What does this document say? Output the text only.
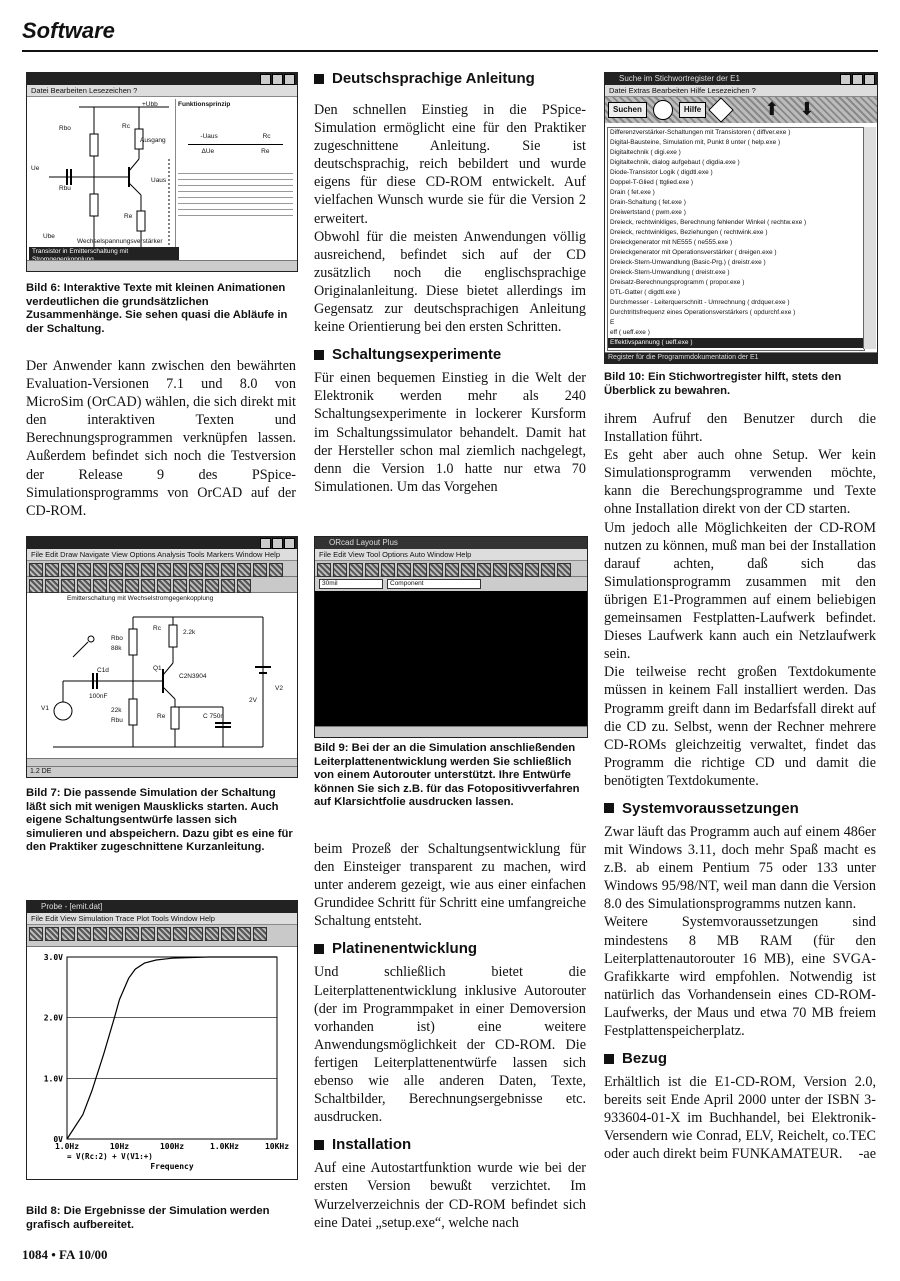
Software
Datei Bearbeiten Lesezeichen ?
+Ubb
Rbo	Rc
Ausgang
Ue
Rbu
Re
Uaus
Ube
Funktionsprinzip
-Uaus	Rc
ΔUe	Re
Wechselspannungsverstärker
Transistor in Emitterschaltung mit

Bild 6: Interaktive Texte mit kleinen Animationen verdeutlichen die grundsätzlichen Zusammenhänge. Sie sehen quasi die Abläufe in der Schaltung.

Der Anwender kann zwischen den bewährten Evaluation-Versionen 7.1 und 8.0 von MicroSim (OrCAD) wählen, die sich direkt mit den interaktiven Texten und Berechnungsprogrammen verknüpfen lassen. Außerdem befindet sich noch die Testversion der Release 9 des PSpice-Simulationsprogramms von OrCAD auf der CD-ROM.

File Edit Draw Navigate View Options Analysis Tools Markers Window Help
Emitterschaltung mit Wechselstromgegenkopplung
Rbo
88k
Rc
2.2k
C1d	Q1
C2N3904
100nF
V1
2V
22k
Rbu
Re	C 750n
V2
1.2 DE

Bild 7: Die passende Simulation der Schaltung läßt sich mit wenigen Mausklicks starten. Auch eigene Schaltungsentwürfe lassen sich simulieren und abspeichern. Dazu gibt es eine für den Praktiker zugeschnittene Kurzanleitung.

Probe - [emit.dat]
File Edit View Simulation Trace Plot Tools Window Help
0V
1.0V
2.0V
3.0V
1.0Hz	10Hz	100Hz	1.0KHz	10KHz
= V(Rc:2) + V(V1:+)
Frequency

Bild 8: Die Ergebnisse der Simulation werden grafisch aufbereitet.

Deutschsprachige Anleitung

Den schnellen Einstieg in die PSpice-Simulation ermöglicht eine für den Praktiker zugeschnittene Anleitung. Sie ist deutschsprachig, reich bebildert und wurde eigens für diese CD-ROM entwickelt. Auf vielfachen Wunsch wurde sie für die Version 2 erweitert.

Obwohl für die meisten Anwendungen völlig ausreichend, befindet sich auf der CD zusätzlich noch die englischsprachige Originalanleitung. Diese bietet allerdings im Gegensatz zur deutschsprachigen Anleitung keine Orientierung bei den ersten Schritten.

Schaltungsexperimente

Für einen bequemen Einstieg in die Welt der Elektronik werden mehr als 240 Schaltungsexperimente in lockerer Kursform im Schaltungssimulator behandelt. Damit hat der Hersteller schon mal ziemlich nachgelegt, denn die Version 1.0 hatte nur etwa 70 Simulationen. Um das Vorgehen

ORcad Layout Plus
File Edit View Tool Options Auto Window Help
30mil	Component

Bild 9: Bei der an die Simulation anschließenden Leiterplattenentwicklung werden Sie schließlich von einem Autorouter unterstützt. Ihre Entwürfe können Sie sich z.B. für das Fotopositivverfahren auf Klarsichtfolie ausdrucken lassen.

beim Prozeß der Schaltungsentwicklung für den Einsteiger transparent zu machen, wird unter anderem gezeigt, wie aus einer einfachen Grundidee Schritt für Schritt eine umfangreiche Schaltung entsteht.

Platinenentwicklung

Und schließlich bietet die Leiterplattenentwicklung inklusive Autorouter (der im Programmpaket in einer Demoversion vorhanden ist) eine weitere Anwendungsmöglichkeit der CD-ROM. Die fertigen Leiterplattenentwürfe lassen sich ebenso wie alle anderen Daten, Texte, Schaltbilder, Berechnungsergebnisse etc. ausdrucken.

Installation

Auf eine Autostartfunktion wurde wie bei der ersten Version bewußt verzichtet. Im Wurzelverzeichnis der CD-ROM befindet sich eine Datei „setup.exe“, welche nach

Suche im Stichwortregister der E1
Datei Extras Bearbeiten Hilfe Lesezeichen ?
Suchen	Hilfe	⬆ ⬇
Differenzverstärker-Schaltungen mit Transistoren ( diffver.exe )
Digital-Bausteine, Simulation mit, Punkt 8 unter ( help.exe )
Digitaltechnik ( digi.exe )
Digitaltechnik, dialog aufgebaut ( digdia.exe )
Diode-Transistor Logik ( digdtl.exe )
Doppel-T-Glied ( ttglied.exe )
Drain ( fet.exe )
Drain-Schaltung ( fet.exe )
Dreiwertstand ( pwm.exe )
Dreieck, rechtwinkliges, Berechnung fehlender Winkel ( rechtw.exe )
Dreieck, rechtwinkliges, Beziehungen ( rechtwink.exe )
Dreieckgenerator mit NE555 ( ne555.exe )
Dreieckgenerator mit Operationsverstärker ( dreigen.exe )
Dreieck-Stern-Umwandlung (Basic-Prg.) ( dreistr.exe )
Dreieck-Stern-Umwandlung ( dreistr.exe )
Dreisatz-Berechnungsprogramm ( propor.exe )
DTL-Gatter ( digdtl.exe )
Durchmesser - Leiterquerschnitt - Umrechnung ( drdquer.exe )
Durchtrittsfrequenz eines Operationsverstärkers ( opdurchf.exe )
E
eff ( ueff.exe )
Effektivspannung ( ueff.exe )
Register für die Programmdokumentation der E1

Bild 10: Ein Stichwortregister hilft, stets den Überblick zu bewahren.

ihrem Aufruf den Benutzer durch die Installation führt.

Es geht aber auch ohne Setup. Wer kein Simulationsprogramm verwenden möchte, kann die Berechungsprogramme und Texte ohne Installation direkt von der CD starten.

Um jedoch alle Möglichkeiten der CD-ROM nutzen zu können, muß man bei der Installation darauf achten, daß sich das Simulationsprogramm zusammen mit den übrigen E1-Programmen auf einem beliebigen gemeinsamen Festplatten-Laufwerk befindet. Dieses Laufwerk kann auch ein Netzlaufwerk sein.

Die teilweise recht großen Textdokumente müssen in keinem Fall installiert werden. Das Programm greift dann im Bedarfsfall direkt auf die CD zu. Selbst, wenn der Rechner mehrere CD-ROMs gleichzeitig verwaltet, findet das Programm die richtige CD und damit die benötigten Textdokumente.

Systemvoraussetzungen

Zwar läuft das Programm auch auf einem 486er mit Windows 3.11, doch mehr Spaß macht es z.B. ab einem Pentium 75 oder 133 unter Windows 95/98/NT, weil man dann die Version 8.0 des Simulationsprogramms nutzen kann.

Weitere Systemvoraussetzungen sind mindestens 8 MB RAM (für den Leiterplattenautorouter 16 MB), eine SVGA-Grafikkarte wird empfohlen. Notwendig ist natürlich das Vorhandensein eines CD-ROM-Laufwerks, der Maus und etwa 70 MB freiem Festplattenspeicherplatz.

Bezug

Erhältlich ist die E1-CD-ROM, Version 2.0, bereits seit Ende April 2000 unter der ISBN 3-933604-01-X im Buchhandel, bei Elektronik-Versendern wie Conrad, ELV, Reichelt, co.TEC oder auch direkt beim FUNKAMATEUR. -ae

1084 • FA 10/00
